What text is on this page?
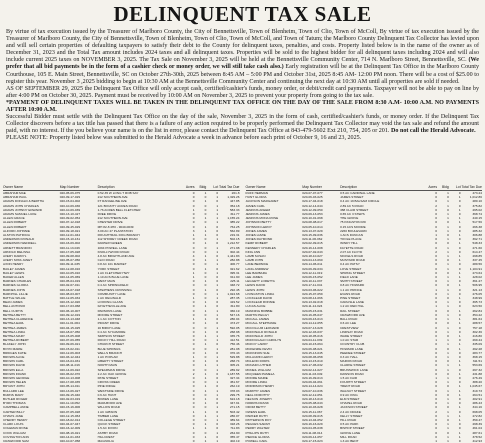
DELINQUENT TAX SALE

By virtue of tax execution issued by the Treasurer of Marlboro County, the City of Bennettsville, Town of Blenheim, Town of Clio, Town of McColl, By virtue of tax execution issued by the Treasurer of Marlboro County, the City of Bennettsville, Town of Blenheim, Town of Clio, Town of McColl, and Town of Tatum; the Marlboro County Delinquent Tax Collector has levied upon and will sell certain properties of defaulting taxpayers to satisfy their debt to the County for delinquent taxes, penalties, and costs. Property listed below is in the name of the owner as of December 31, 2023 and the Total Tax amount includes 2024 taxes and all delinquent taxes. Properties will be sold to the highest bidder for all delinquent taxes including 2024 and will also include current 2025 taxes on NOVEMBER 3, 2025. The Tax Sale on November 3, 2025 will be held at the Bennettsville Community Center, 714 N. Marlboro Street, Bennettsville, SC. (We prefer that all bid payments be in the form of a cashier check or money order, we will still take cash also.) Early registration will be at the Delinquent Tax Office in the Marlboro County Courthouse, 105 E. Main Street, Bennettsville, SC on October 27th-30th, 2025 between 8:45 AM – 5:00 PM and October 31st, 2025 8:45 AM- 12:00 PM noon. There will be a cost of $25.00 to register this year. November 3 ,2025 bidding to begin at 10:30 AM at the Bennettsville Community Center and continuing the next day at 10:30 AM until all properties are sold if needed.

AS OF SEPTEMBER 29, 2025 the Delinquent Tax Office will only accept cash, certified/cashier's funds, money order, or debit/credit card payments. Taxpayer will not be able to pay on line by after 4:00 PM on October 30, 2025. Payment must be received by 10:00 AM on November 3, 2025 to prevent your property from going to the tax sale.

*PAYMENT OF DELINQUENT TAXES WILL BE TAKEN IN THE DELINQUENT TAX OFFICE ON THE DAY OF THE SALE FROM 8:30 A.M- 10:00 A.M. NO PAYMENTS AFTER 10:00 A.M.

Successful Bidder must settle with the Delinquent Tax Office on the day of the sale, November 3, 2025 in the form of cash, certified/cashier's funds, or money order. If the Delinquent Tax Collector discovers before a tax title has passed that there is a failure of any action required to be properly performed the Delinquent Tax Collector may void the tax sale and refund the amount paid, with no interest. If the you believe your name is on the list in error, please contact the Delinquent Tax Office at 843-479-5602 Ext 210, 754, 205 or 201. Do not call the Herald Advocate.

PLEASE NOTE: Property listed below was submitted to the Herald Advocate a week in advance before each print of October 9, 16 and 23, 2025.

Owner Name	Map Number	Description	Acres	Bldg	Lot Total Tax Due
ABRAHAM MAE	020-05-06-075	0.52-35 W LONG T ROB SAY	0	1	0	261.8
ABRAHAM PAUL	020-09-17-029	212 SOUTHERN AVE	0	0	1	1,329.26
ADAMS DONALD & BERTHA	020-15-04-002	FT RANGELINE AVE	0	1	0	447.85
ADAMS JOHN CHARLES	020-10-09-036	121 BOUNTY ACRES ROAD	0	0	1	354.18
ADAMS JOHNNY EDWARD	020-10-09-039	1.76 ACRES BELL FLETCHER	1	0	1	583.33
ADAMS SAMUEL LUKE	020-13-10-427	FREE DRIVE	0	0	1	311.77
ALLEN GRACE	020-09-02-054	212 SOUTHERN AVE	0	1	1	1,155.24
ALLEN ROBERT	020-07-12-018	CHESTER DRIVE	0	0	1	385.22
ALLEN ROBERT	020-09-45-029	MH 82-8 4H0 - 9040-0039	0	1	0	764.25
ALFORD JOHNNIE	020-09-18-021	3.09 AC 27 PLANTATION	3	1	0	562.89
ALSTON PATRICIA	020-12-01-044	ROUGHTRAIL DOG BRANCH	1	1	0	219.31
ANDERSON RONALD	020-15-10-161	112 SHOREY CREEK ROAD	0	0	1	502.15
ANDERSON WENDELL	020-16-09-002	FAIRWAYGREEN	0	1	0	1,212.57
ARNETT BRANDON	020-11-13-046	1094 POWELL LANE	0	0	1	271.98
ARNOLD MELISSA	020-17-05-028	KNOLLYWOOD ROAD	0	0	1	302.44
AVERY DARRYL	020-09-08-002	4.8 AC BRIGHTLAND AVE	4	1	0	1,441.83
AVERY MISS JANET	020-05-07-050	CLIO ROAD	0	1	1	282.88
AXON HENRY	020-09-11-035	0.8 AC 101 MARKET	0	0	1	406.77
BAILEY JAMES	020-12-08-016	YORK STREET	0	1	0	321.62
BAILEY LEWIS	020-10-05-010	1 AC FLETCHER HWY	1	0	1	395.31
BAKER ALLEN	020-14-05-069	1.10 ACS BLUE LANE	1	0	0	611.90
BARNES CHARLES	020-05-04-019	WEST MAIN	0	1	0	225.11
BARNES GLORIA	020-02-07-011	0.4 AC SPRINGFIELD	0	0	1	348.72
BARNES JOHN	020-16-07-018	STEPHENS CROSSING	0	1	0	292.45
BARNHILL LILLIE	020-08-03-007	COMMUNITY LANE	0	0	1	1,024.68
BATTLE WILLIE	020-12-05-034	1 AC REGINALD	1	0	1	287.35
BEAN JAMES	020-15-12-020	LOOKING GLASS	0	1	0	419.52
BELL ANTONIO	020-17-03-068	FAYETTEVILLE AVE	0	1	0	311.80
BELL CURTIS	020-06-10-007	PARSONS LANE	0	1	1	366.19
BETHEA BETTY	020-09-12-019	MOORE STREET	0	0	1	547.16
BETHEA CLARENCE	020-13-13-048	1.1 AC COTTON	1	1	0	280.04
BETHEA EARL	020-11-01-064	PIRANT DRIVE	0	1	0	473.27
BETHEA JAMES	020-04-15-025	16 BIRCH LANE	0	0	1	592.05
BETHEA LINDA	020-18-07-050	0.4 AC SYCAMORE	0	1	0	268.98
BETHEA MARY	020-15-05-008	SIMPSON STREET	0	1	1	335.76
BETHEA ROBERT	020-07-09-055	ROCKY HILL ROAD	0	0	1	412.51
BLAKELY JOHN	020-09-06-021	CHURCH STREET	0	1	0	756.46
BOYD MARIE	020-15-02-011	BLUE SPRINGS	0	0	1	281.08
BRIDGES KATIE	020-12-06-003	WELLS BRANCH	0	1	0	376.43
BROWN ALICE	020-03-12-044	1 AC POPLAR	1	0	1	529.88
BROWN CARL	020-16-04-031	LIBERTY STREET	0	1	0	268.74
BROWN DAVID	020-08-11-016	NORTH MAIN	0	1	1	305.21
BROWN ELLA	020-14-09-022	SPEARMAN DRIVE	0	0	1	289.92
BROWN FRANK	020-06-02-070	2.2 AC OAK GROVE	2	1	0	1,187.55
BROWN GEORGE	020-10-13-008	PATE STREET	0	1	0	327.34
BROWN HELEN	020-17-08-035	CROSS CREEK	0	0	1	451.67
BRYANT JOHN	020-05-14-011	PINE RIDGE	0	1	0	262.19
BULLARD LEE	020-13-06-027	WESTSIDE DRIVE	0	1	1	378.03
BURNS MARY	020-09-15-040	0.6 AC HUNT	0	0	1	299.75
BUTLER ROGER	020-02-03-019	BOWEN LANE	0	1	0	624.18
BYRD THOMAS	020-11-10-052	MARLBORO AVE	0	1	0	347.91
CAMPBELL ANNE	020-15-16-006	WILLOW ROAD	0	0	1	271.15
CARTER BILLY	020-07-05-028	1 AC GIBSON	1	1	0	503.42
CHAVIS JANE	020-12-15-063	TIMBER LANE	0	1	1	286.07
CHERRY HENRY	020-18-02-014	COLLEGE STREET	0	0	1	389.64
CLARK LOUIS	020-04-07-047	QUICK STREET	0	1	0	318.26
COLEMAN ROSE	020-16-12-009	1.5 AC DIXON	1	1	0	711.83
COOK WILLIAM	020-08-16-021	ASHBY ROAD	0	0	1	264.90
COVINGTON ANN	020-14-01-033	HILLCREST	0	1	0	355.47
CRAWFORD SAM	020-10-07-058	MAGNOLIA	0	1	1	402.19
Owner Name	Map Number	Description	Acres	Bldg	Lot Total Tax Due
RUFF HERMAN	020-07-07-077	0.5 AC CARDINAL LANE	0	1	0	473.24
HUNT GLORIA	020-06-03-025	JAMES STREET	0	0	1	1,012.86
JACKSON MARGARET	020-17-04-018	0.4 AC 19 BALSAM CIRCLE	0	1	0	280.10
JAMES CARL	020-12-14-044	2.89 AC 5 ROAD	2	1	0	375.82
JENKINS AKEEM	020-12-09-050	388 CLAIR STREET	0	0	1	295.02
JENKINS JAMES	020-09-13-053	0.65 AC 3 STEPS	0	1	0	368.74
JENKINS MONA ROSE	020-10-01-068	THE GROVE	0	1	1	440.15
JOHNSON BETTY	020-08-08-017	75 KINGSTON RD	0	0	1	517.56
JOHNSON LEROY	020-05-10-014	0.15 ACS MOORE	0	1	0	266.38
JONES JAMES	020-13-07-029	2260 BOULEVARD	0	1	0	285.32
JONES LIZZIE	020-15-09-036	1 ACS DUNCAN	1	0	1	306.88
JONES RAYMOND	020-11-06-062	TOOLE PLACE	0	1	0	392.71
KEMP ROBERT	020-02-09-015	WINDY HILL	0	0	1	548.33
KENNEDY CHARLES	020-16-14-008	FAYETTE ROAD	0	1	0	271.60
KING ANN	020-07-02-043	2.07 AC FLOYD	2	1	0	614.47
LAMB SUSAN	020-18-10-027	NICKELS ROAD	0	1	1	298.85
LAMB JOHN	020-04-13-060	MUSTARD ROAD	0	0	1	337.45
LANE BERNICE	020-14-06-011	0.4 AC PATSY	0	1	0	289.56
LANG ANDREW	020-09-09-034	LOVE STREET	0	1	0	1,104.91
LEE BARBARA	020-12-11-019	SPRING STREET	0	0	1	273.64
LEE JAMES	020-06-15-052	FIELD LANE	0	1	1	428.02
LEGGETT LORETTA	020-10-11-037	SMITH STREET	0	1	0	361.27
LEWIS DAVID	020-17-11-041	0.8 AC HOWARD	0	0	1	506.95
LEWIS JOHN	020-03-06-022	1.1 AC PRINCE	1	1	0	321.13
LIVINGSTON LINDA	020-15-07-059	EVANS ROAD	0	1	0	276.05
LOCKLEAR DAVID	020-08-14-066	PINE STREET	0	0	1	348.99
LOCKLEAR RONNIE	020-13-02-018	CARLISLE LANE	0	1	0	395.73
LUCAS ALICE	020-11-14-024	1.2 AC RED HILL	1	1	0	623.50
MANNING BOBBIE	020-05-15-031	RAIL STREET	0	0	1	262.84
MARTIN PEGGY	020-16-05-047	CRAWFORD AVE	0	1	0	354.22
MCCALL JAMES	020-09-16-013	BALL ROAD	0	1	1	381.64
MCCALL STEPHANIE	020-14-12-055	0.6 AC LEE	0	0	1	288.57
MCCOLLUM LEONARD	020-07-13-028	CRESTVIEW	0	1	0	757.18
MCDONALD RONALD	020-12-03-037	LINDSAY ROAD	0	1	0	302.36
MCDONALD JOHN	020-18-05-016	WADE STREET	0	0	1	416.80
MCDOUGALD CAROLYN	020-04-11-039	1.0 AC STAR	1	1	0	269.44
MCKOY LARRY	020-10-15-064	COUNTRY CLUB	0	1	1	335.09
MCKENZIE KEVIN	020-06-08-021	HOWARD LANE	0	0	1	492.28
MCKINNON SUE	020-15-13-045	PEEDEE STREET	0	1	0	283.77
MCLAURIN LEROY	020-08-06-058	0.3 AC HALL	0	1	0	368.15
MCLEOD DORIS	020-13-15-010	MARION ROAD	0	0	1	311.51
MCNAIR LUTHER	020-17-06-032	CLARKE STREET	0	1	1	553.69
MCNEIL WILLIAM	020-02-14-027	BRUNSWICK LANE	0	1	0	297.32
MCQUEEN PAMELA	020-11-03-049	DAWSON ROAD	0	0	1	431.88
MOORE MARIE	020-16-09-013	1.5 AC FAIR	1	1	0	276.49
MOORE LINDA	020-09-04-061	FOURTH STREET	0	1	0	388.20
MORRISON HENRY	020-14-14-024	TRENT ROAD	0	0	1	1,045.67
MURPHY JAMES	020-07-10-036	WALNUT STREET	0	1	1	319.73
NEAL DOROTHY	020-12-12-051	0.9 AC KING	0	0	1	264.51
NELSON JOSEPH	020-18-13-019	ELM STREET	0	1	0	402.91
NORRIS FRANK	020-05-08-043	CHAPEL ROAD	0	1	0	286.43
ODOM BETTY	020-10-03-028	JACKSON STREET	0	0	1	344.16
OWENS EARL	020-15-11-067	2.4 AC DRAKE	2	1	0	698.05
PARKER RUTH	020-08-09-015	KELLY STREET	0	1	1	272.82
PATTERSON ROY	020-13-04-052	HILL ROAD	0	0	1	359.47
PEGUES SARAH	020-16-16-029	0.5 AC PARK	0	1	0	298.39
PERRY WALTER	020-04-05-038	BISHOP STREET	0	1	0	461.04
PHILLIPS RUTH	020-11-08-014	GROVE LANE	0	0	1	287.61
PIERCE GLORIA	020-09-14-057	MILL ROAD	0	1	1	378.52
POWELL CARL	020-17-15-023	1.3 AC BENT	1	1	0	412.93
